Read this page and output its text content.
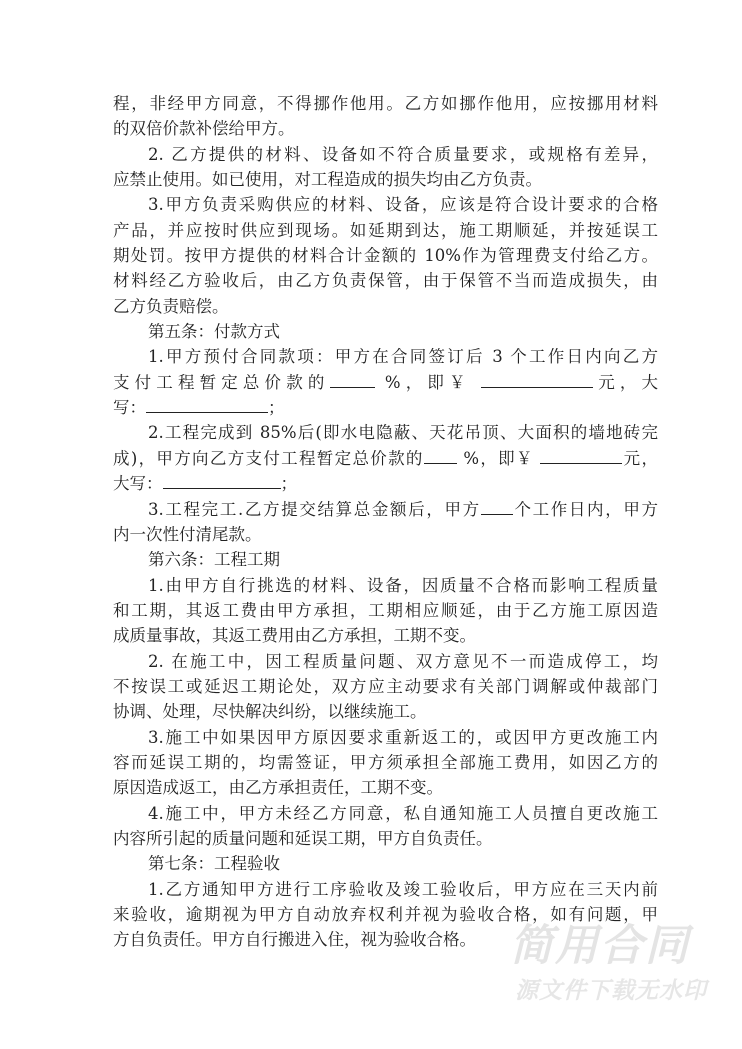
程，非经甲方同意，不得挪作他用。乙方如挪作他用，应按挪用材料
的双倍价款补偿给甲方。
2. 乙方提供的材料、设备如不符合质量要求，或规格有差异，
应禁止使用。如已使用，对工程造成的损失均由乙方负责。
3.甲方负责采购供应的材料、设备，应该是符合设计要求的合格
产品，并应按时供应到现场。如延期到达，施工期顺延，并按延误工
期处罚。按甲方提供的材料合计金额的 10%作为管理费支付给乙方。
材料经乙方验收后，由乙方负责保管，由于保管不当而造成损失，由
乙方负责赔偿。
第五条：付款方式
1.甲方预付合同款项：甲方在合同签订后 3 个工作日内向乙方
支付工程暂定总价款的	%，即￥	元，大
写：	；
2.工程完成到 85%后(即水电隐蔽、天花吊顶、大面积的墙地砖完
成)，甲方向乙方支付工程暂定总价款的 %，即￥	元，
大写：	；
3.工程完工.乙方提交结算总金额后，甲方 个工作日内，甲方
内一次性付清尾款。
第六条：工程工期
1.由甲方自行挑选的材料、设备，因质量不合格而影响工程质量
和工期，其返工费由甲方承担，工期相应顺延，由于乙方施工原因造
成质量事故，其返工费用由乙方承担，工期不变。
2. 在施工中，因工程质量问题、双方意见不一而造成停工，均
不按误工或延迟工期论处，双方应主动要求有关部门调解或仲裁部门
协调、处理，尽快解决纠纷，以继续施工。
3.施工中如果因甲方原因要求重新返工的，或因甲方更改施工内
容而延误工期的，均需签证，甲方须承担全部施工费用，如因乙方的
原因造成返工，由乙方承担责任，工期不变。
4.施工中，甲方未经乙方同意，私自通知施工人员擅自更改施工
内容所引起的质量问题和延误工期，甲方自负责任。
第七条：工程验收
1.乙方通知甲方进行工序验收及竣工验收后，甲方应在三天内前
来验收，逾期视为甲方自动放弃权利并视为验收合格，如有问题，甲
方自负责任。甲方自行搬进入住，视为验收合格。 简用合同
源文件下载无水印
